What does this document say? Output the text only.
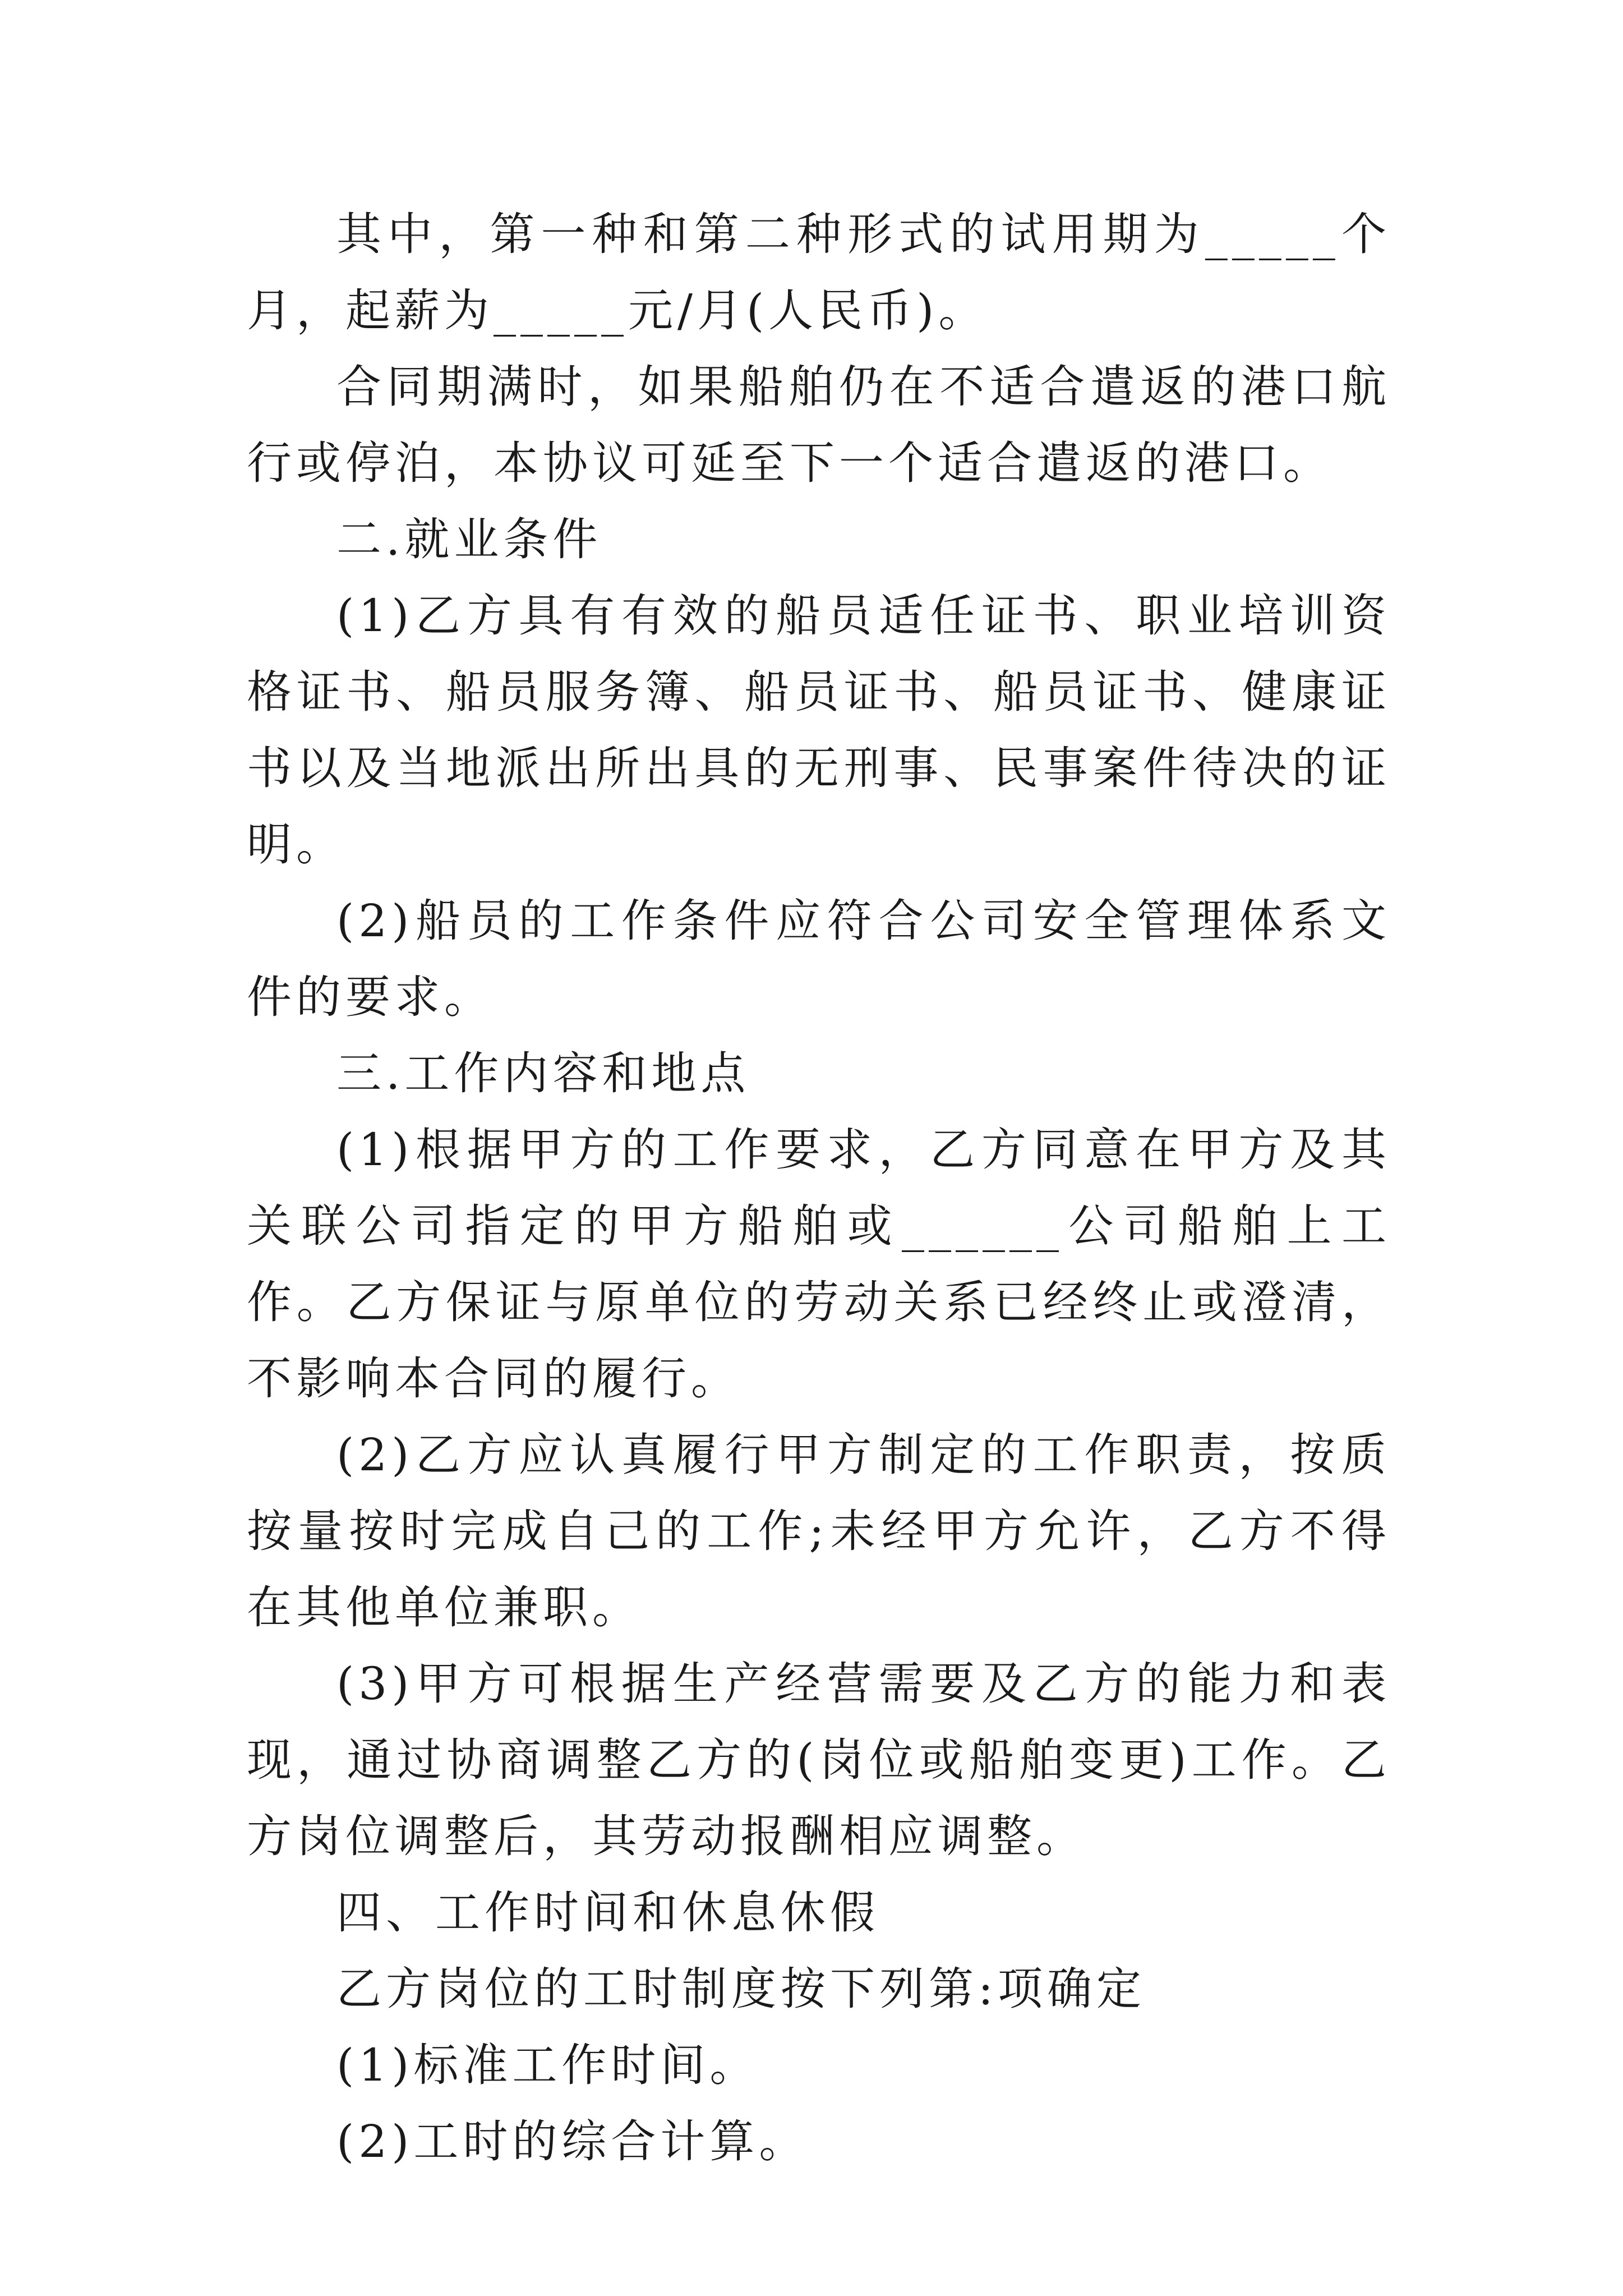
其中，第一种和第二种形式的试用期为_____个月，起薪为_____元/月(人民币)。

合同期满时，如果船舶仍在不适合遣返的港口航行或停泊，本协议可延至下一个适合遣返的港口。

二.就业条件

(1)乙方具有有效的船员适任证书、职业培训资格证书、船员服务簿、船员证书、船员证书、健康证书以及当地派出所出具的无刑事、民事案件待决的证明。

(2)船员的工作条件应符合公司安全管理体系文件的要求。

三.工作内容和地点

(1)根据甲方的工作要求，乙方同意在甲方及其关联公司指定的甲方船舶或______公司船舶上工作。乙方保证与原单位的劳动关系已经终止或澄清，不影响本合同的履行。

(2)乙方应认真履行甲方制定的工作职责，按质按量按时完成自己的工作;未经甲方允许，乙方不得在其他单位兼职。

(3)甲方可根据生产经营需要及乙方的能力和表现，通过协商调整乙方的(岗位或船舶变更)工作。乙方岗位调整后，其劳动报酬相应调整。

四、工作时间和休息休假

乙方岗位的工时制度按下列第:项确定

(1)标准工作时间。

(2)工时的综合计算。
